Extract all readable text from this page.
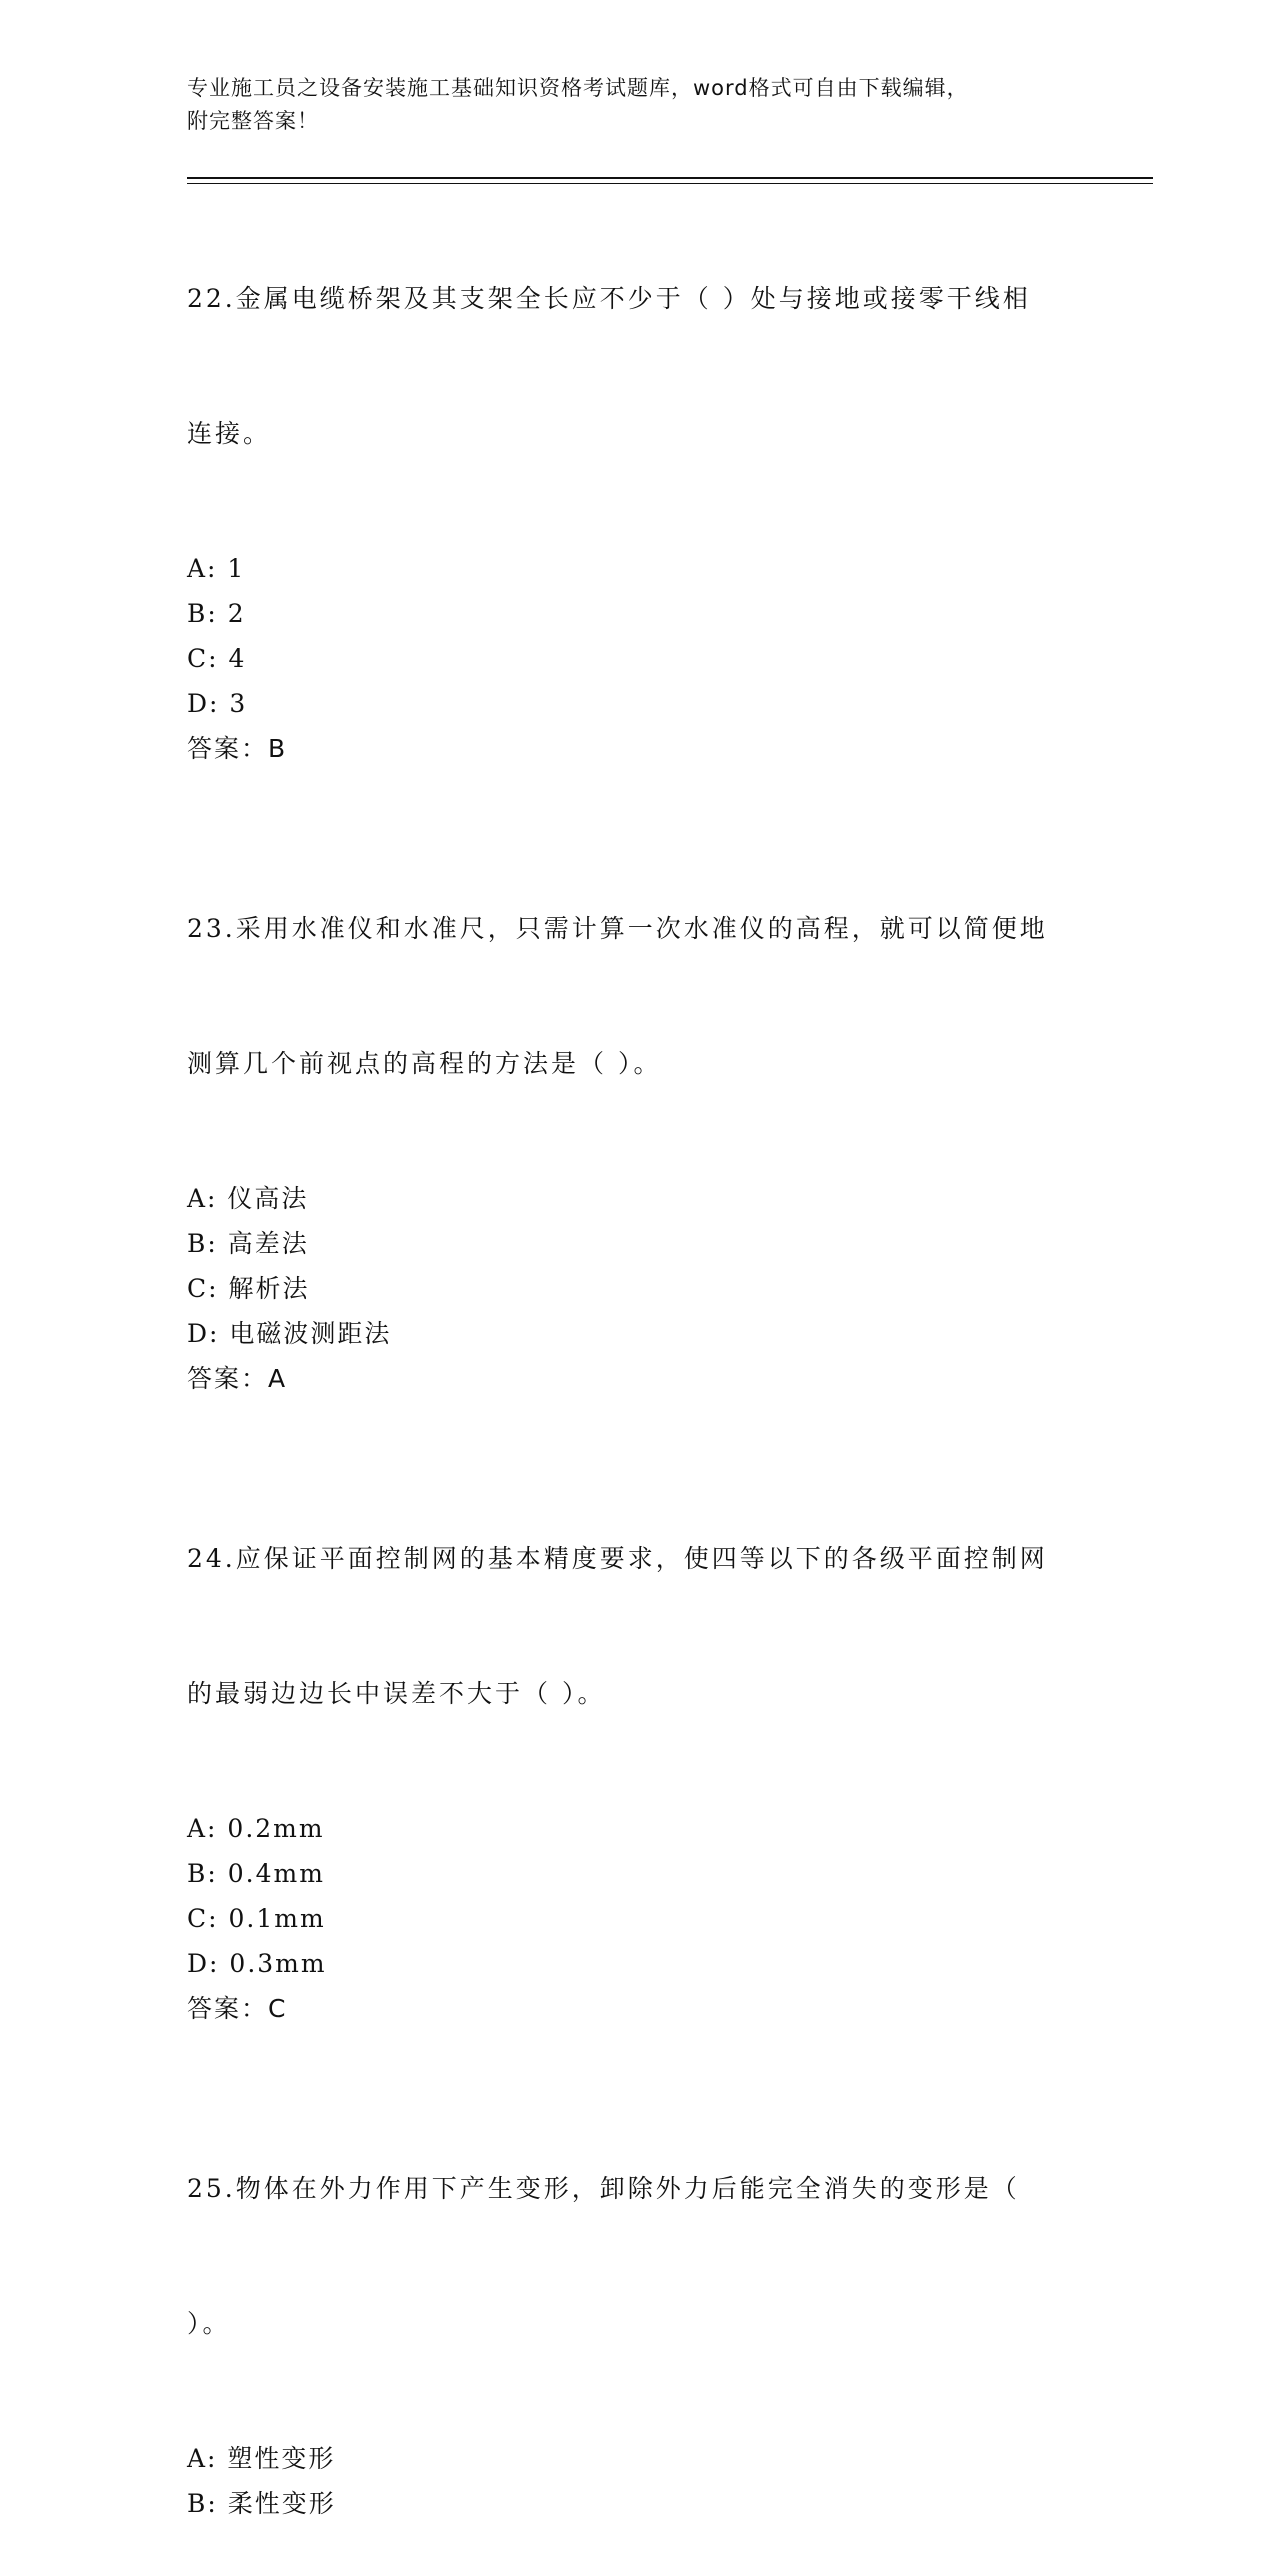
专业施工员之设备安装施工基础知识资格考试题库，word格式可自由下载编辑，
附完整答案！

22.金属电缆桥架及其支架全长应不少于（ ）处与接地或接零干线相

连接。

A: 1
B: 2
C: 4
D: 3
答案：B

23.采用水准仪和水准尺，只需计算一次水准仪的高程，就可以简便地

测算几个前视点的高程的方法是（ ）。

A: 仪高法
B: 高差法
C: 解析法
D: 电磁波测距法
答案：A

24.应保证平面控制网的基本精度要求，使四等以下的各级平面控制网

的最弱边边长中误差不大于（ ）。

A: 0.2mm
B: 0.4mm
C: 0.1mm
D: 0.3mm
答案：C

25.物体在外力作用下产生变形，卸除外力后能完全消失的变形是（

）。

A: 塑性变形
B: 柔性变形
